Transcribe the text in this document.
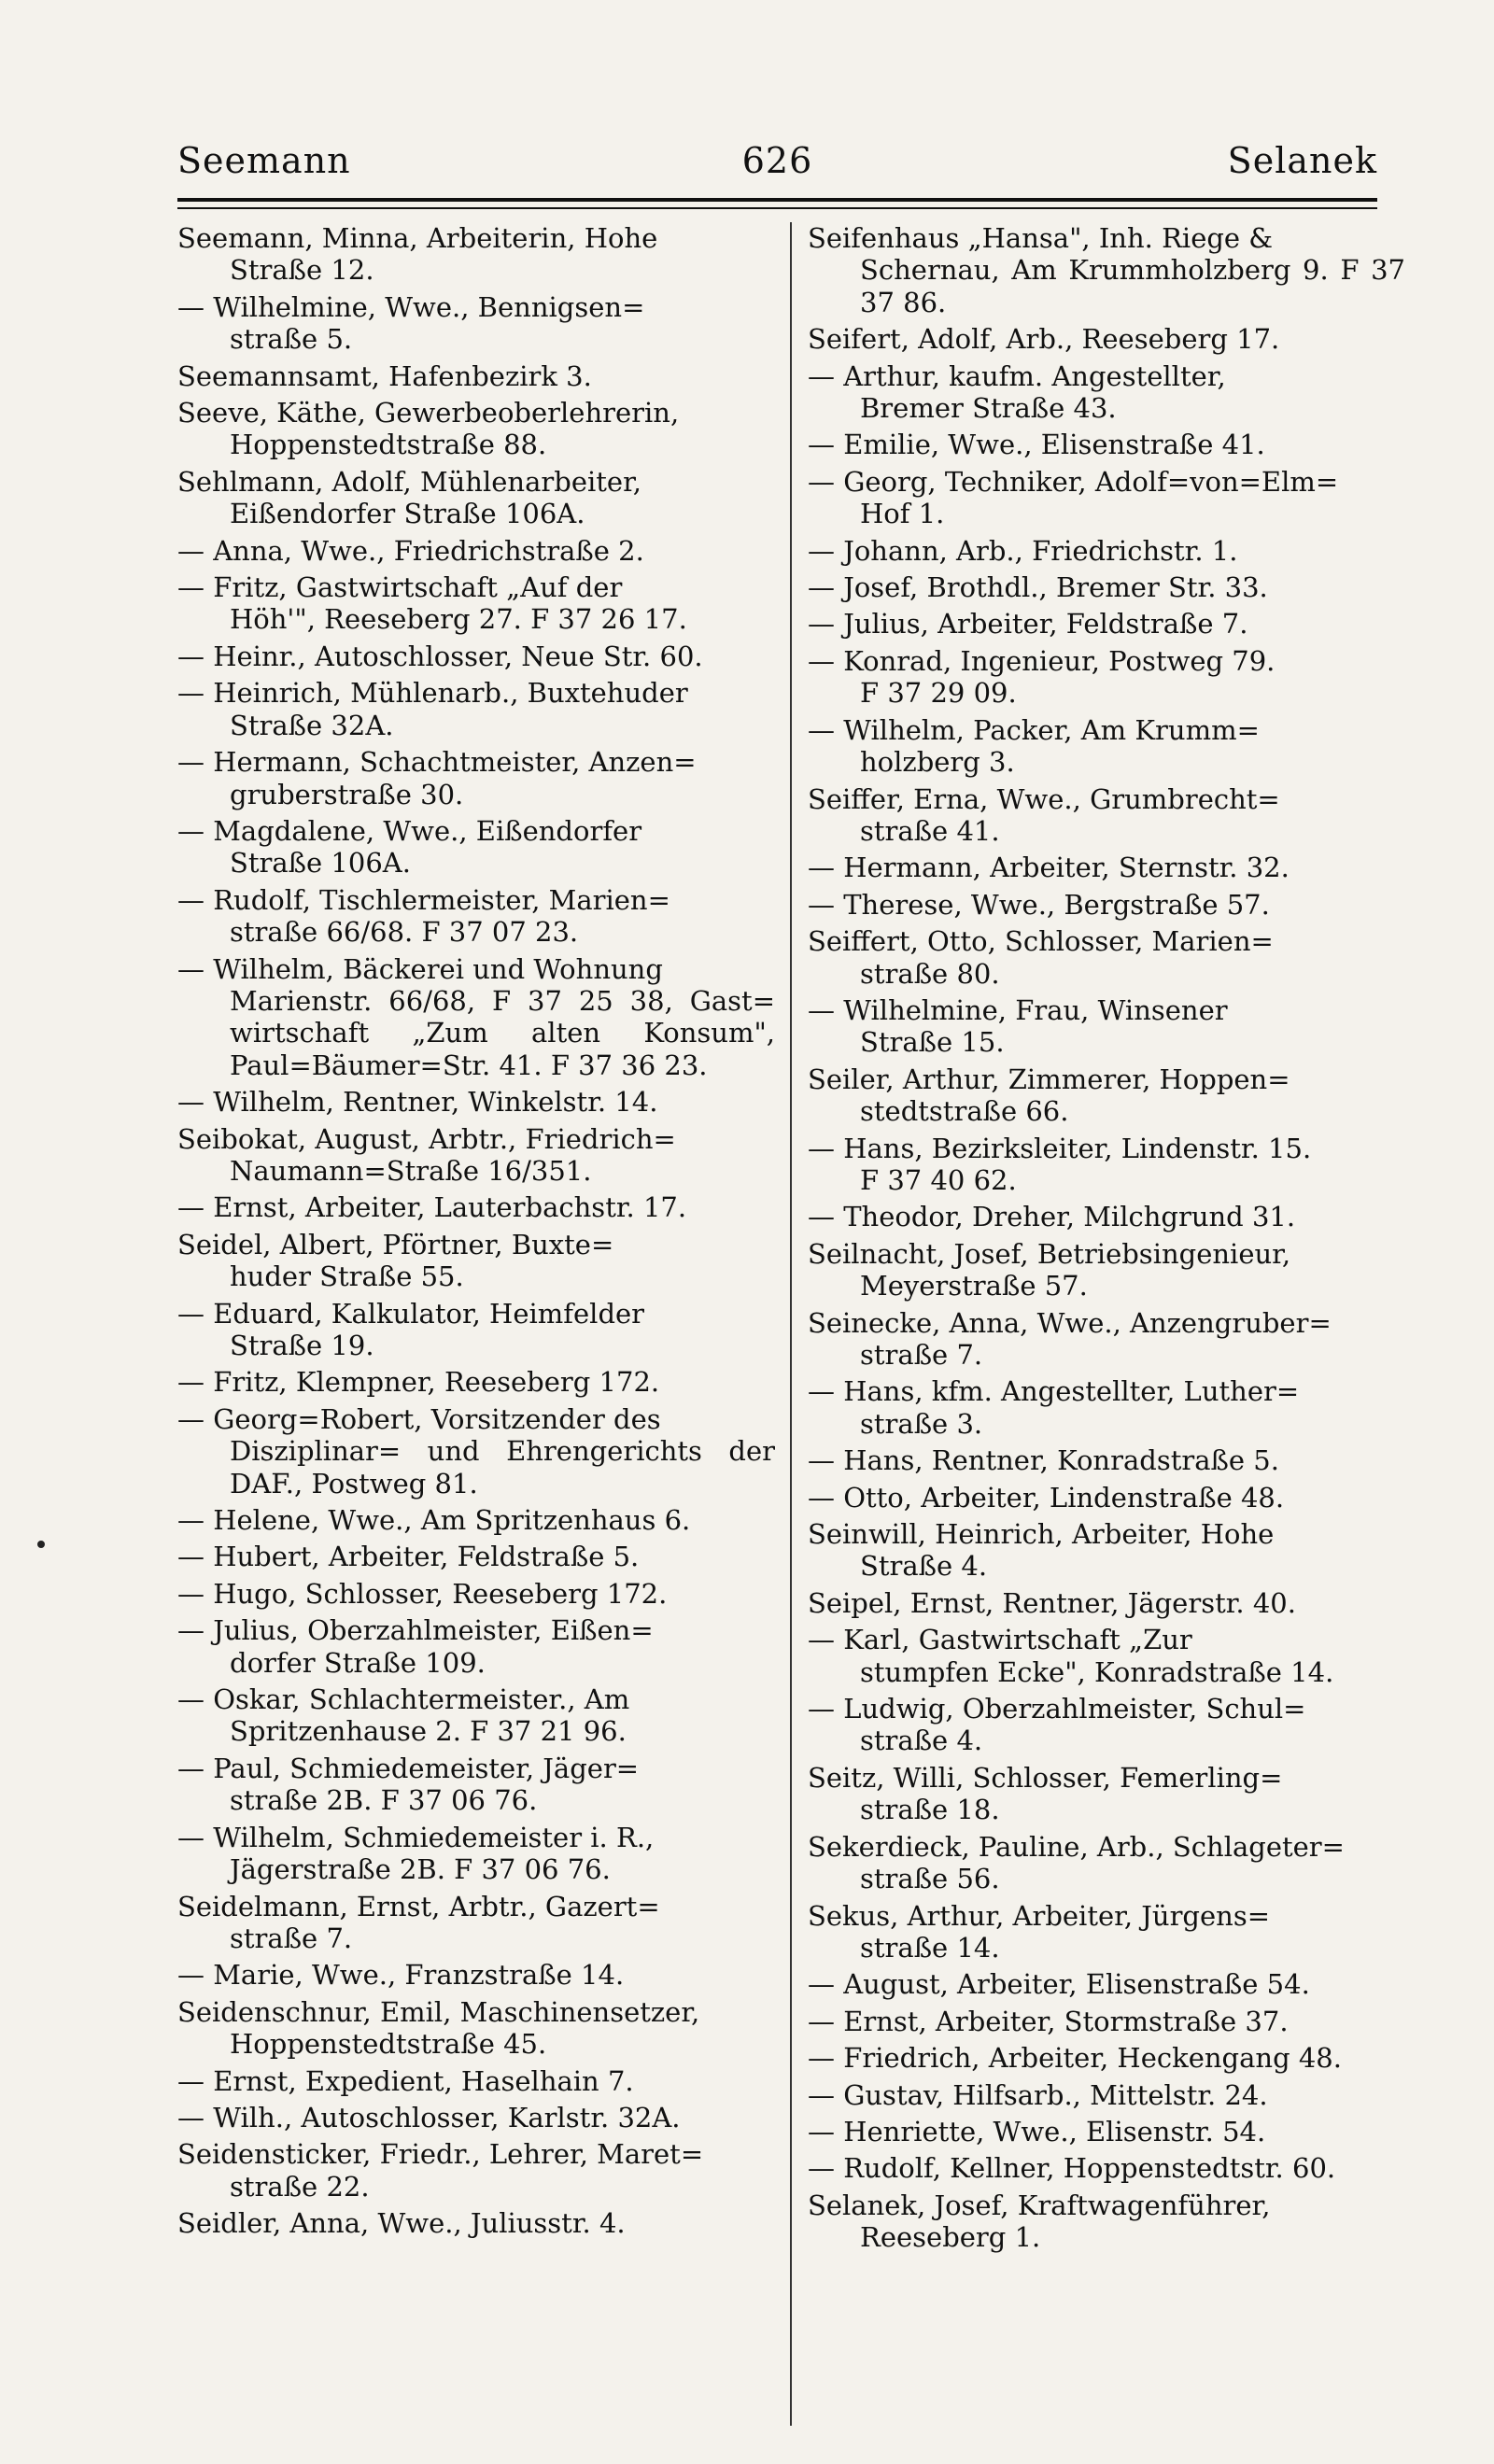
Seemann	626	Selanek
Seemann, Minna, Arbeiterin, Hohe
Straße 12.
— Wilhelmine, Wwe., Bennigsen=
straße 5.
Seemannsamt, Hafenbezirk 3.
Seeve, Käthe, Gewerbeoberlehrerin,
Hoppenstedtstraße 88.
Sehlmann, Adolf, Mühlenarbeiter,
Eißendorfer Straße 106A.
— Anna, Wwe., Friedrichstraße 2.
— Fritz, Gastwirtschaft „Auf der
Höh'", Reeseberg 27. F 37 26 17.
— Heinr., Autoschlosser, Neue Str. 60.
— Heinrich, Mühlenarb., Buxtehuder
Straße 32A.
— Hermann, Schachtmeister, Anzen=
gruberstraße 30.
— Magdalene, Wwe., Eißendorfer
Straße 106A.
— Rudolf, Tischlermeister, Marien=
straße 66/68. F 37 07 23.
— Wilhelm, Bäckerei und Wohnung
Marienstr. 66/68, F 37 25 38, Gast= wirtschaft „Zum alten Konsum", Paul=Bäumer=Str. 41. F 37 36 23.
— Wilhelm, Rentner, Winkelstr. 14.
Seibokat, August, Arbtr., Friedrich=
Naumann=Straße 16/351.
— Ernst, Arbeiter, Lauterbachstr. 17.
Seidel, Albert, Pförtner, Buxte=
huder Straße 55.
— Eduard, Kalkulator, Heimfelder
Straße 19.
— Fritz, Klempner, Reeseberg 172.
— Georg=Robert, Vorsitzender des
Disziplinar= und Ehrengerichts der DAF., Postweg 81.
— Helene, Wwe., Am Spritzenhaus 6.
— Hubert, Arbeiter, Feldstraße 5.
— Hugo, Schlosser, Reeseberg 172.
— Julius, Oberzahlmeister, Eißen=
dorfer Straße 109.
— Oskar, Schlachtermeister., Am
Spritzenhause 2. F 37 21 96.
— Paul, Schmiedemeister, Jäger=
straße 2B. F 37 06 76.
— Wilhelm, Schmiedemeister i. R.,
Jägerstraße 2B. F 37 06 76.
Seidelmann, Ernst, Arbtr., Gazert=
straße 7.
— Marie, Wwe., Franzstraße 14.
Seidenschnur, Emil, Maschinensetzer,
Hoppenstedtstraße 45.
— Ernst, Expedient, Haselhain 7.
— Wilh., Autoschlosser, Karlstr. 32A.
Seidensticker, Friedr., Lehrer, Maret=
straße 22.
Seidler, Anna, Wwe., Juliusstr. 4.
Seifenhaus „Hansa", Inh. Riege &
Schernau, Am Krummholzberg 9. F 37 37 86.
Seifert, Adolf, Arb., Reeseberg 17.
— Arthur, kaufm. Angestellter,
Bremer Straße 43.
— Emilie, Wwe., Elisenstraße 41.
— Georg, Techniker, Adolf=von=Elm=
Hof 1.
— Johann, Arb., Friedrichstr. 1.
— Josef, Brothdl., Bremer Str. 33.
— Julius, Arbeiter, Feldstraße 7.
— Konrad, Ingenieur, Postweg 79.
F 37 29 09.
— Wilhelm, Packer, Am Krumm=
holzberg 3.
Seiffer, Erna, Wwe., Grumbrecht=
straße 41.
— Hermann, Arbeiter, Sternstr. 32.
— Therese, Wwe., Bergstraße 57.
Seiffert, Otto, Schlosser, Marien=
straße 80.
— Wilhelmine, Frau, Winsener
Straße 15.
Seiler, Arthur, Zimmerer, Hoppen=
stedtstraße 66.
— Hans, Bezirksleiter, Lindenstr. 15.
F 37 40 62.
— Theodor, Dreher, Milchgrund 31.
Seilnacht, Josef, Betriebsingenieur,
Meyerstraße 57.
Seinecke, Anna, Wwe., Anzengruber=
straße 7.
— Hans, kfm. Angestellter, Luther=
straße 3.
— Hans, Rentner, Konradstraße 5.
— Otto, Arbeiter, Lindenstraße 48.
Seinwill, Heinrich, Arbeiter, Hohe
Straße 4.
Seipel, Ernst, Rentner, Jägerstr. 40.
— Karl, Gastwirtschaft „Zur
stumpfen Ecke", Konradstraße 14.
— Ludwig, Oberzahlmeister, Schul=
straße 4.
Seitz, Willi, Schlosser, Femerling=
straße 18.
Sekerdieck, Pauline, Arb., Schlageter=
straße 56.
Sekus, Arthur, Arbeiter, Jürgens=
straße 14.
— August, Arbeiter, Elisenstraße 54.
— Ernst, Arbeiter, Stormstraße 37.
— Friedrich, Arbeiter, Heckengang 48.
— Gustav, Hilfsarb., Mittelstr. 24.
— Henriette, Wwe., Elisenstr. 54.
— Rudolf, Kellner, Hoppenstedtstr. 60.
Selanek, Josef, Kraftwagenführer,
Reeseberg 1.
